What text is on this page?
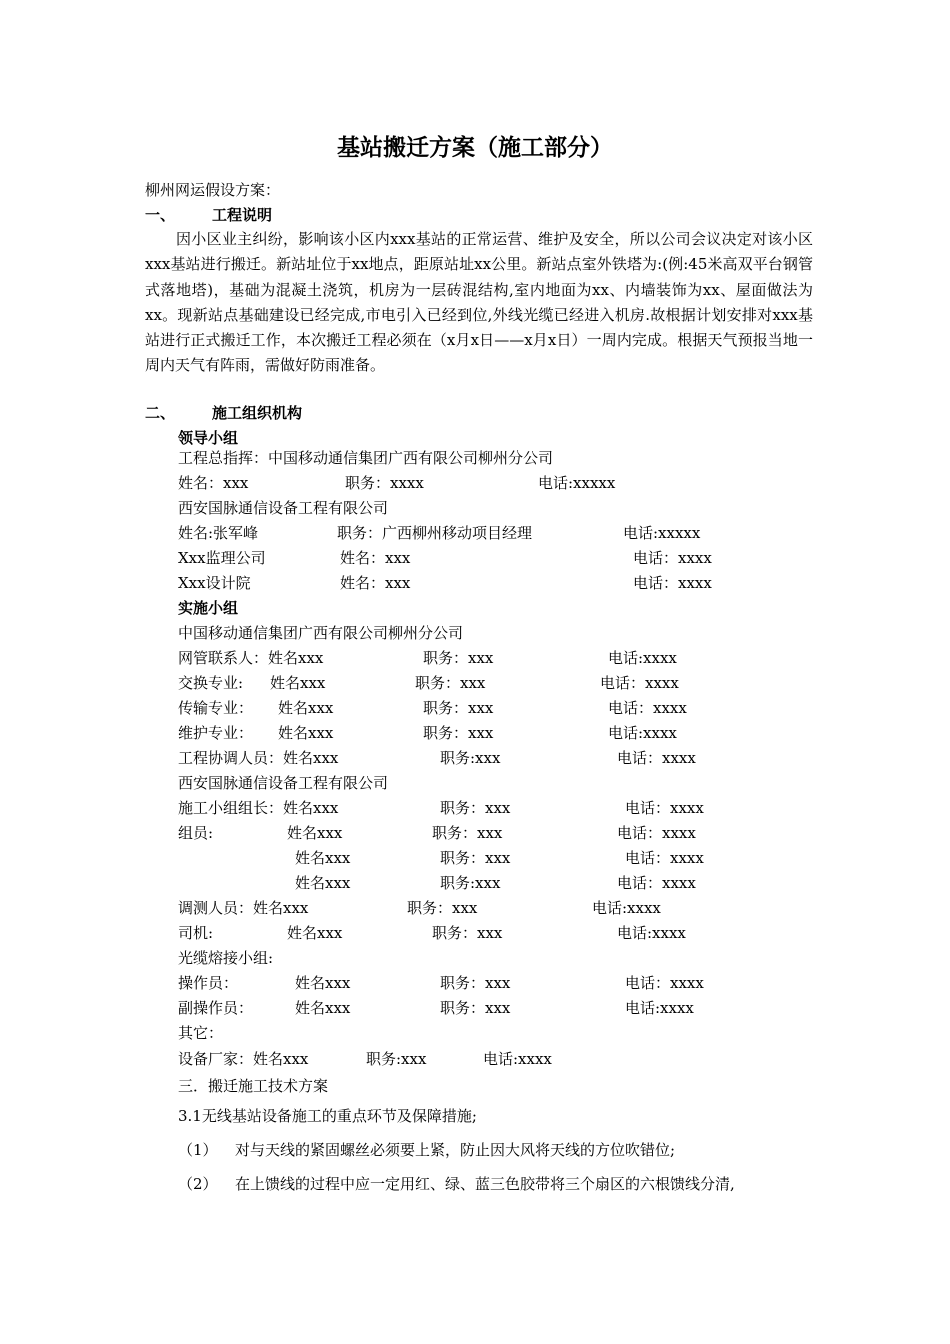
基站搬迁方案（施工部分）
柳州网运假设方案：
一、 工程说明
因小区业主纠纷，影响该小区内xxx基站的正常运营、维护及安全，所以公司会议决定对该小区xxx基站进行搬迁。新站址位于xx地点，距原站址xx公里。新站点室外铁塔为:(例:45米高双平台钢管式落地塔)，基础为混凝土浇筑，机房为一层砖混结构,室内地面为xx、内墙装饰为xx、屋面做法为xx。现新站点基础建设已经完成,市电引入已经到位,外线光缆已经进入机房.故根据计划安排对xxx基站进行正式搬迁工作，本次搬迁工程必须在（x月x日——x月x日）一周内完成。根据天气预报当地一周内天气有阵雨，需做好防雨准备。
二、 施工组织机构
领导小组
工程总指挥：中国移动通信集团广西有限公司柳州分公司
姓名：xxx	职务：xxxx	电话:xxxxx
西安国脉通信设备工程有限公司
姓名:张军峰	职务：广西柳州移动项目经理	电话:xxxxx
Xxx监理公司	姓名：xxx	电话：xxxx
Xxx设计院	姓名：xxx	电话：xxxx
实施小组
中国移动通信集团广西有限公司柳州分公司
网管联系人：姓名xxx	职务：xxx	电话:xxxx
交换专业: 姓名xxx	职务：xxx	电话：xxxx
传输专业： 姓名xxx	职务：xxx	电话：xxxx
维护专业： 姓名xxx	职务：xxx	电话:xxxx
工程协调人员：姓名xxx	职务:xxx	电话：xxxx
西安国脉通信设备工程有限公司
施工小组组长：姓名xxx	职务：xxx	电话：xxxx
组员:	姓名xxx	职务：xxx	电话：xxxx
姓名xxx	职务：xxx	电话：xxxx
姓名xxx	职务:xxx	电话：xxxx
调测人员：姓名xxx	职务：xxx	电话:xxxx
司机:	姓名xxx	职务：xxx	电话:xxxx
光缆熔接小组:
操作员：	姓名xxx	职务：xxx	电话：xxxx
副操作员：	姓名xxx	职务：xxx	电话:xxxx
其它：
设备厂家：姓名xxx	职务:xxx	电话:xxxx
三．搬迁施工技术方案
3.1无线基站设备施工的重点环节及保障措施;
（1） 对与天线的紧固螺丝必须要上紧，防止因大风将天线的方位吹错位;
（2） 在上馈线的过程中应一定用红、绿、蓝三色胶带将三个扇区的六根馈线分清,
